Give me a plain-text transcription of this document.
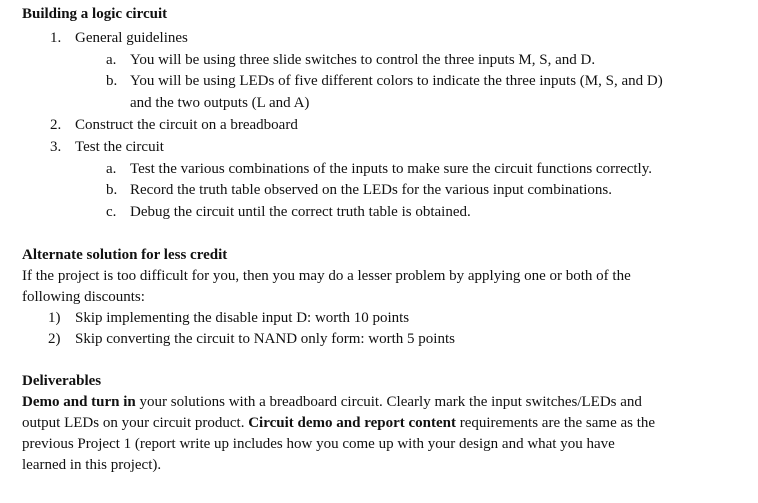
Building a logic circuit
1. General guidelines
a. You will be using three slide switches to control the three inputs M, S, and D.
b. You will be using LEDs of five different colors to indicate the three inputs (M, S, and D)
and the two outputs (L and A)
2. Construct the circuit on a breadboard
3. Test the circuit
a. Test the various combinations of the inputs to make sure the circuit functions correctly.
b. Record the truth table observed on the LEDs for the various input combinations.
c. Debug the circuit until the correct truth table is obtained.
Alternate solution for less credit
If the project is too difficult for you, then you may do a lesser problem by applying one or both of the
following discounts:
1) Skip implementing the disable input D: worth 10 points
2) Skip converting the circuit to NAND only form: worth 5 points
Deliverables
Demo and turn in your solutions with a breadboard circuit. Clearly mark the input switches/LEDs and
output LEDs on your circuit product. Circuit demo and report content requirements are the same as the
previous Project 1 (report write up includes how you come up with your design and what you have
learned in this project).
